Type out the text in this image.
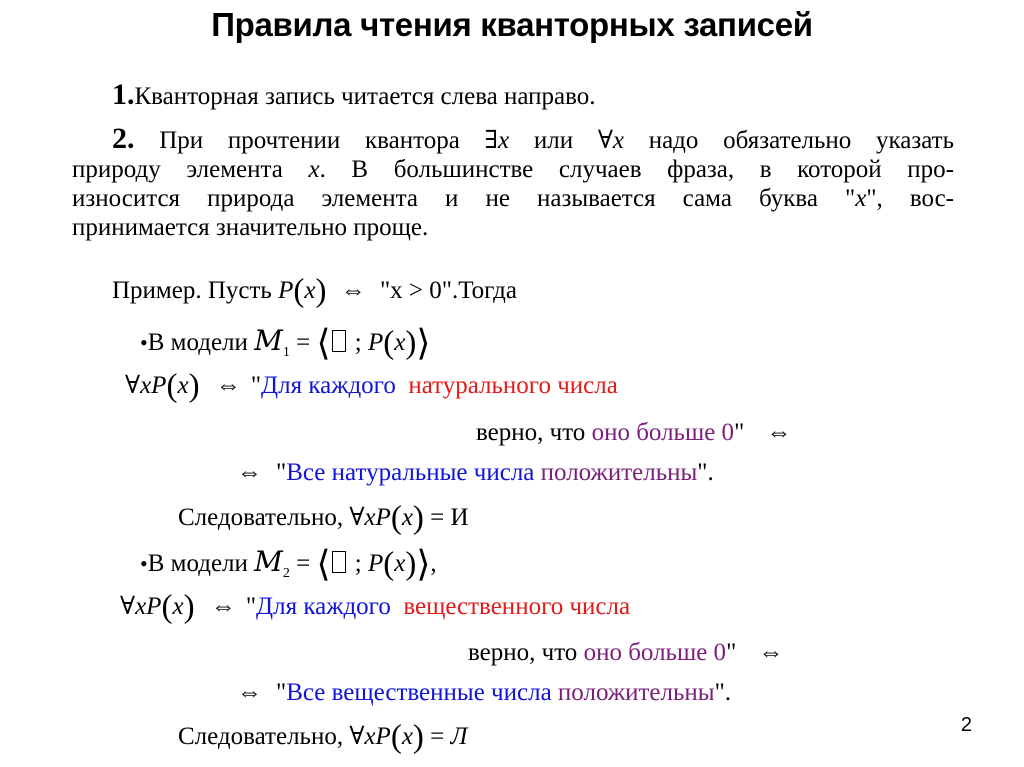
Правила чтения кванторных записей
1.Кванторная запись читается слева направо.
2. При прочтении квантора ∃x или ∀x надо обязательно указать
природу элемента x. В большинстве случаев фраза, в которой про-
износится природа элемента и не называется сама буква "x", вос-
принимается значительно проще.
Пример. Пусть P(x) ⇔ "x > 0".Тогда
•В модели $M_1$ = ⟨ ; P(x)⟩
∀xP(x) ⇔ "Для каждого натурального числа
верно, что оно больше 0" ⇔
⇔ "Все натуральные числа положительны".
Следовательно, ∀xP(x) = И
•В модели $M_2$ = ⟨ ; P(x)⟩,
∀xP(x) ⇔ "Для каждого вещественного числа
верно, что оно больше 0" ⇔
⇔ "Все вещественные числа положительны".
Следовательно, ∀xP(x) = Л	2
